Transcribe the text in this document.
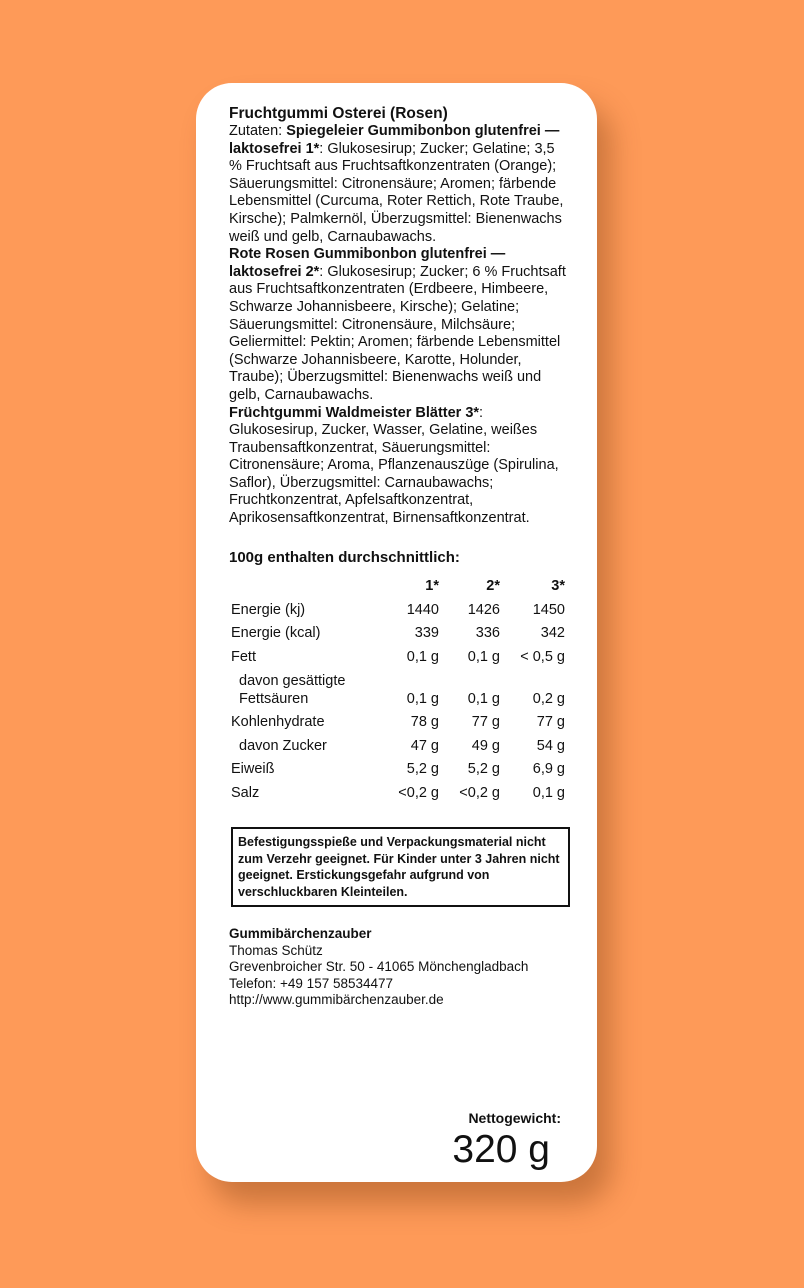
Fruchtgummi Osterei (Rosen)
Zutaten: Spiegeleier Gummibonbon glutenfrei — laktosefrei 1*: Glukosesirup; Zucker; Gelatine; 3,5 % Fruchtsaft aus Fruchtsaftkonzentraten (Orange); Säuerungsmittel: Citronensäure; Aromen; färbende Lebensmittel (Curcuma, Roter Rettich, Rote Traube, Kirsche); Palmkernöl, Überzugsmittel: Bienenwachs weiß und gelb, Carnaubawachs.
Rote Rosen Gummibonbon glutenfrei — laktosefrei 2*: Glukosesirup; Zucker; 6 % Fruchtsaft aus Fruchtsaftkonzentraten (Erdbeere, Himbeere, Schwarze Johannisbeere, Kirsche); Gelatine; Säuerungsmittel: Citronensäure, Milchsäure; Geliermittel: Pektin; Aromen; färbende Lebensmittel (Schwarze Johannisbeere, Karotte, Holunder, Traube); Überzugsmittel: Bienenwachs weiß und gelb, Carnaubawachs.
Früchtgummi Waldmeister Blätter 3*: Glukosesirup, Zucker, Wasser, Gelatine, weißes Traubensaftkonzentrat, Säuerungsmittel: Citronensäure; Aroma, Pflanzenauszüge (Spirulina, Saflor), Überzugsmittel: Carnaubawachs; Fruchtkonzentrat, Apfelsaftkonzentrat, Aprikosensaftkonzentrat, Birnensaftkonzentrat.
100g enthalten durchschnittlich:
	1*	2*	3*
Energie (kj)	1440	1426	1450
Energie (kcal)	339	336	342
Fett	0,1 g	0,1 g	< 0,5 g
davon gesättigte Fettsäuren	0,1 g	0,1 g	0,2 g
Kohlenhydrate	78 g	77 g	77 g
davon Zucker	47 g	49 g	54 g
Eiweiß	5,2 g	5,2 g	6,9 g
Salz	<0,2 g	<0,2 g	0,1 g
Befestigungsspieße und Verpackungsmaterial nicht zum Verzehr geeignet. Für Kinder unter 3 Jahren nicht geeignet. Erstickungsgefahr aufgrund von verschluckbaren Kleinteilen.
Gummibärchenzauber
Thomas Schütz
Grevenbroicher Str. 50 - 41065 Mönchengladbach
Telefon: +49 157 58534477
http://www.gummibärchenzauber.de
Nettogewicht:
320 g
